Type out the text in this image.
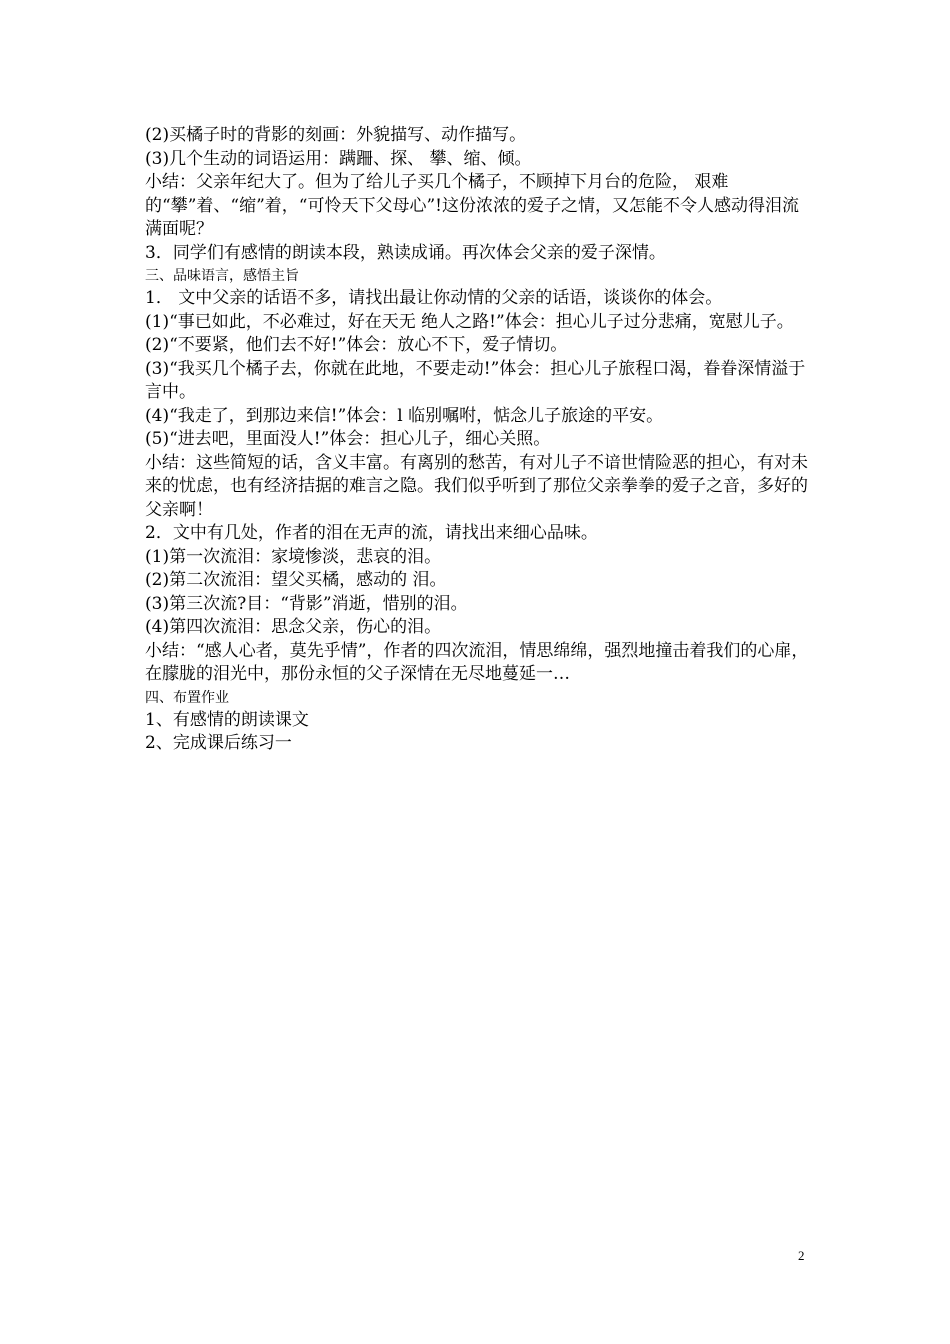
(2)买橘子时的背影的刻画：外貌描写、动作描写。
(3)几个生动的词语运用：蹒跚、探、 攀、缩、倾。
小结：父亲年纪大了。但为了给儿子买几个橘子，不顾掉下月台的危险， 艰难的“攀”着、“缩”着，“可怜天下父母心”!这份浓浓的爱子之情，又怎能不令人感动得泪流满面呢？
3．同学们有感情的朗读本段，熟读成诵。再次体会父亲的爱子深情。
三、品味语言，感悟主旨
1． 文中父亲的话语不多，请找出最让你动情的父亲的话语，谈谈你的体会。
(1)“事已如此，不必难过，好在天无 绝人之路!”体会：担心儿子过分悲痛，宽慰儿子。
(2)“不要紧，他们去不好!”体会：放心不下，爱子情切。
(3)“我买几个橘子去，你就在此地，不要走动!”体会：担心儿子旅程口渴，眷眷深情溢于言中。
(4)“我走了，到那边来信!”体会：l 临别嘱咐，惦念儿子旅途的平安。
(5)“进去吧，里面没人!”体会：担心儿子，细心关照。
小结：这些简短的话，含义丰富。有离别的愁苦，有对儿子不谙世情险恶的担心，有对未来的忧虑，也有经济拮据的难言之隐。我们似乎听到了那位父亲拳拳的爱子之音，多好的父亲啊！
2．文中有几处，作者的泪在无声的流，请找出来细心品味。
(1)第一次流泪：家境惨淡，悲哀的泪。
(2)第二次流泪：望父买橘，感动的 泪。
(3)第三次流?目：“背影”消逝，惜别的泪。
(4)第四次流泪：思念父亲，伤心的泪。
小结：“感人心者，莫先乎情”，作者的四次流泪，情思绵绵，强烈地撞击着我们的心扉，在朦胧的泪光中，那份永恒的父子深情在无尽地蔓延一…
四、布置作业
1、有感情的朗读课文
2、完成课后练习一
2
